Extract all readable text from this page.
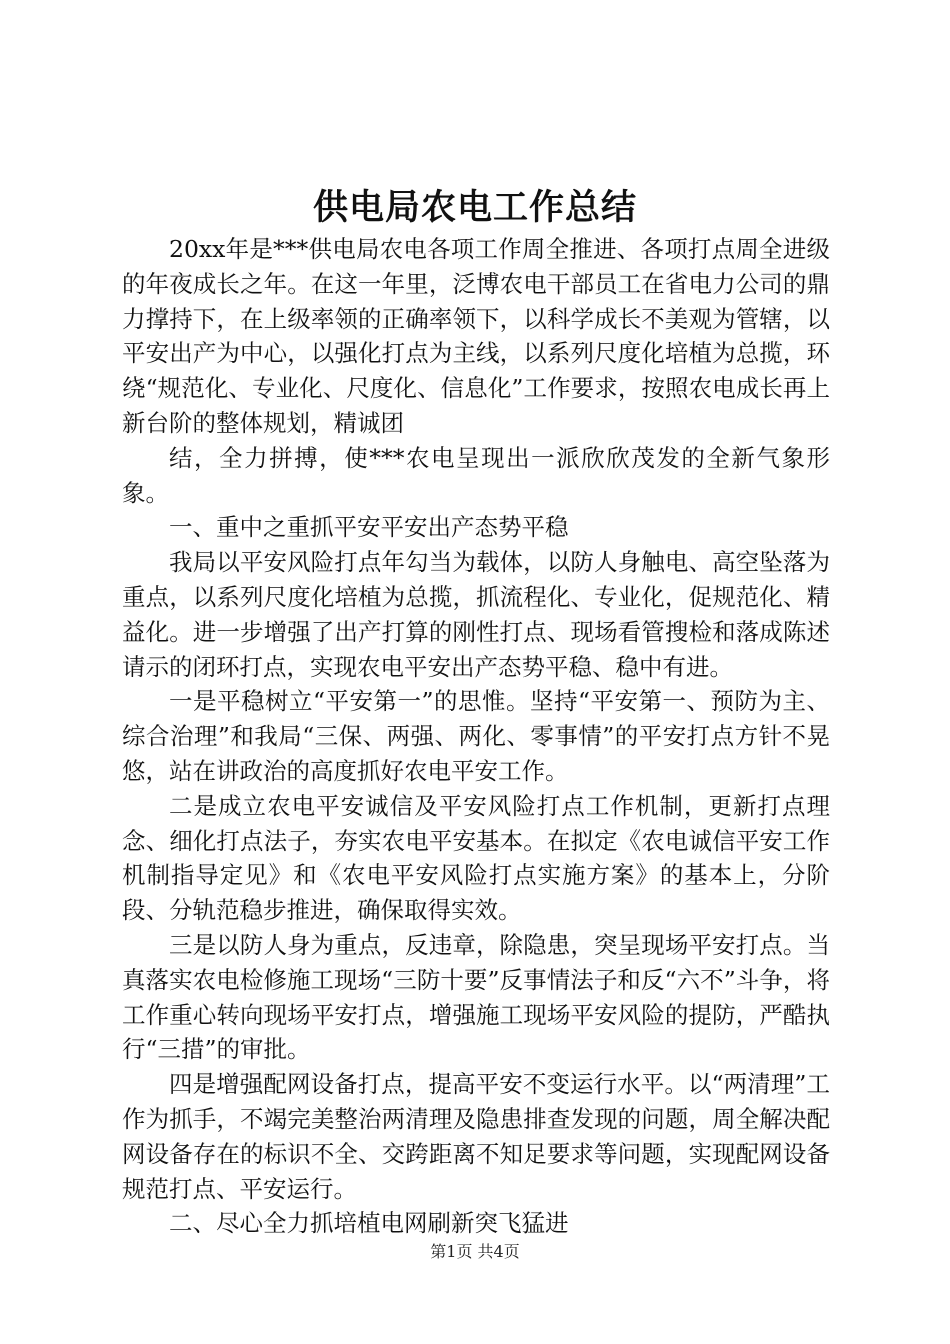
供电局农电工作总结

20xx年是***供电局农电各项工作周全推进、各项打点周全进级的年夜成长之年。在这一年里，泛博农电干部员工在省电力公司的鼎力撑持下，在上级率领的正确率领下，以科学成长不美观为管辖，以平安出产为中心，以强化打点为主线，以系列尺度化培植为总揽，环绕“规范化、专业化、尺度化、信息化”工作要求，按照农电成长再上新台阶的整体规划，精诚团

结，全力拼搏，使***农电呈现出一派欣欣茂发的全新气象形象。

一、重中之重抓平安平安出产态势平稳

我局以平安风险打点年勾当为载体，以防人身触电、高空坠落为重点，以系列尺度化培植为总揽，抓流程化、专业化，促规范化、精益化。进一步增强了出产打算的刚性打点、现场看管搜检和落成陈述请示的闭环打点，实现农电平安出产态势平稳、稳中有进。

一是平稳树立“平安第一”的思惟。坚持“平安第一、预防为主、综合治理”和我局“三保、两强、两化、零事情”的平安打点方针不晃悠，站在讲政治的高度抓好农电平安工作。

二是成立农电平安诚信及平安风险打点工作机制，更新打点理念、细化打点法子，夯实农电平安基本。在拟定《农电诚信平安工作机制指导定见》和《农电平安风险打点实施方案》的基本上，分阶段、分轨范稳步推进，确保取得实效。

三是以防人身为重点，反违章，除隐患，突呈现场平安打点。当真落实农电检修施工现场“三防十要”反事情法子和反“六不”斗争，将工作重心转向现场平安打点，增强施工现场平安风险的提防，严酷执行“三措”的审批。

四是增强配网设备打点，提高平安不变运行水平。以“两清理”工作为抓手，不竭完美整治两清理及隐患排查发现的问题，周全解决配网设备存在的标识不全、交跨距离不知足要求等问题，实现配网设备规范打点、平安运行。

二、尽心全力抓培植电网刷新突飞猛进

第1页 共4页
